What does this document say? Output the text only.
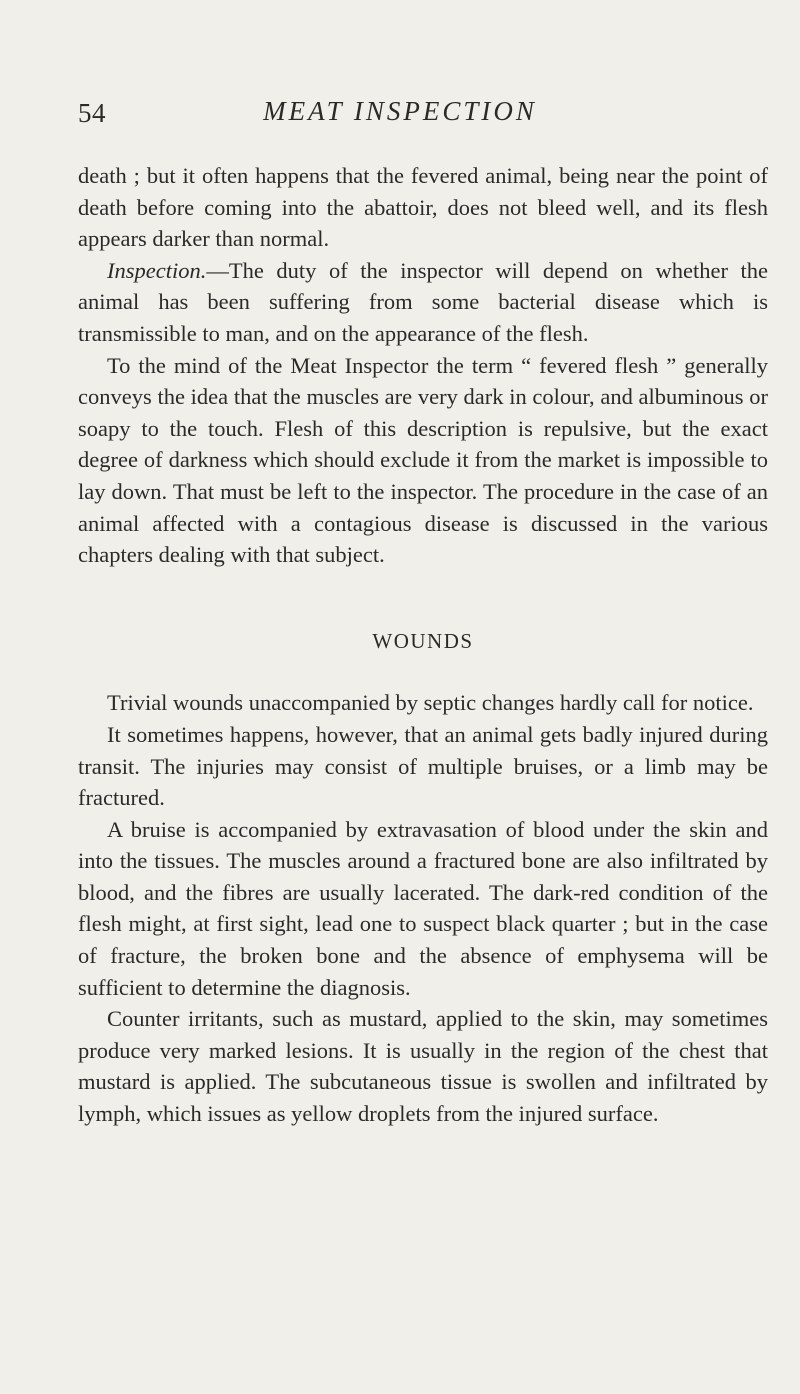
54	MEAT INSPECTION

death ; but it often happens that the fevered animal, being near the point of death before coming into the abattoir, does not bleed well, and its flesh appears darker than normal.

Inspection.—The duty of the inspector will depend on whether the animal has been suffering from some bacterial disease which is transmissible to man, and on the appearance of the flesh.

To the mind of the Meat Inspector the term “ fevered flesh ” generally conveys the idea that the muscles are very dark in colour, and albuminous or soapy to the touch. Flesh of this description is repulsive, but the exact degree of darkness which should exclude it from the market is impossible to lay down. That must be left to the inspector. The procedure in the case of an animal affected with a contagious disease is discussed in the various chapters dealing with that subject.

WOUNDS

Trivial wounds unaccompanied by septic changes hardly call for notice.

It sometimes happens, however, that an animal gets badly injured during transit. The injuries may consist of multiple bruises, or a limb may be fractured.

A bruise is accompanied by extravasation of blood under the skin and into the tissues. The muscles around a fractured bone are also infiltrated by blood, and the fibres are usually lacerated. The dark-red condition of the flesh might, at first sight, lead one to suspect black quarter ; but in the case of fracture, the broken bone and the absence of emphysema will be sufficient to determine the diagnosis.

Counter irritants, such as mustard, applied to the skin, may sometimes produce very marked lesions. It is usually in the region of the chest that mustard is applied. The subcutaneous tissue is swollen and infiltrated by lymph, which issues as yellow droplets from the injured surface.
